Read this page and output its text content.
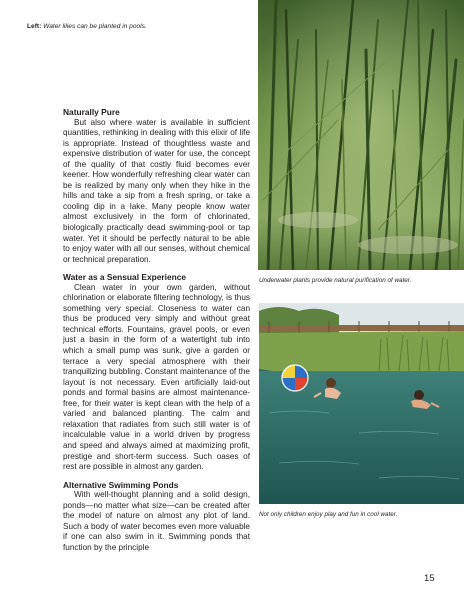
Left: Water lilies can be planted in pools.
Naturally Pure

But also where water is available in sufficient quantities, rethinking in dealing with this elixir of life is appropriate. Instead of thoughtless waste and expensive distribution of water for use, the concept of the quality of that costly fluid becomes ever keener. How wonderfully refreshing clear water can be is realized by many only when they hike in the hills and take a sip from a fresh spring, or take a cooling dip in a lake. Many people know water almost exclusively in the form of chlorinated, biologically practically dead swimming-pool or tap water. Yet it should be perfectly natural to be able to enjoy water with all our senses, without chemical or technical preparation.

Water as a Sensual Experience

Clean water in your own garden, without chlorination or elaborate filtering technology, is thus something very special. Closeness to water can thus be produced very simply and without great technical efforts. Fountains, gravel pools, or even just a basin in the form of a watertight tub into which a small pump was sunk, give a garden or terrace a very special atmosphere with their tranquilizing bubbling. Constant maintenance of the layout is not necessary. Even artificially laid-out ponds and formal basins are almost maintenance-free, for their water is kept clean with the help of a varied and balanced planting. The calm and relaxation that radiates from such still water is of incalculable value in a world driven by progress and speed and always aimed at maximizing profit, prestige and short-term success. Such oases of rest are possible in almost any garden.

Alternative Swimming Ponds

With well-thought planning and a solid design, ponds—no matter what size—can be created after the model of nature on almost any plot of land. Such a body of water becomes even more valuable if one can also swim in it. Swimming ponds that function by the principle

Underwater plants provide natural purification of water.
Not only children enjoy play and fun in cool water.
15
